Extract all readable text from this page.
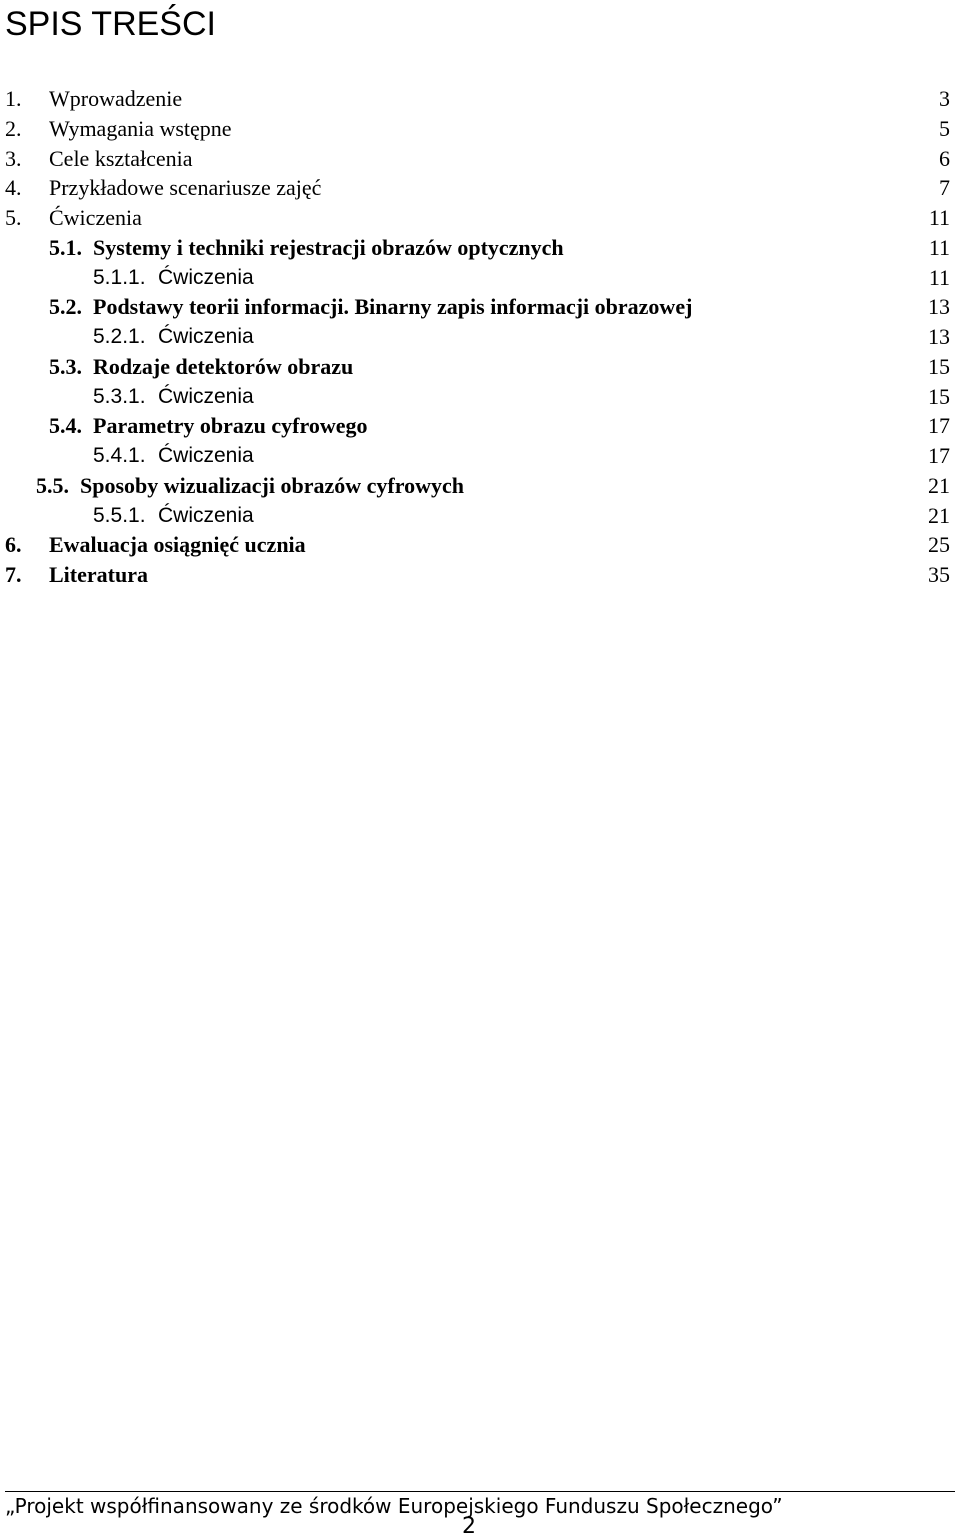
SPIS TREŚCI
1. Wprowadzenie	3
2. Wymagania wstępne	5
3. Cele kształcenia	6
4. Przykładowe scenariusze zajęć	7
5. Ćwiczenia	11
5.1. Systemy i techniki rejestracji obrazów optycznych	11
5.1.1. Ćwiczenia	11
5.2. Podstawy teorii informacji. Binarny zapis informacji obrazowej	13
5.2.1. Ćwiczenia	13
5.3. Rodzaje detektorów obrazu	15
5.3.1. Ćwiczenia	15
5.4. Parametry obrazu cyfrowego	17
5.4.1. Ćwiczenia	17
5.5. Sposoby wizualizacji obrazów cyfrowych	21
5.5.1. Ćwiczenia	21
6. Ewaluacja osiągnięć ucznia	25
7. Literatura	35
„Projekt współfinansowany ze środków Europejskiego Funduszu Społecznego”
2
